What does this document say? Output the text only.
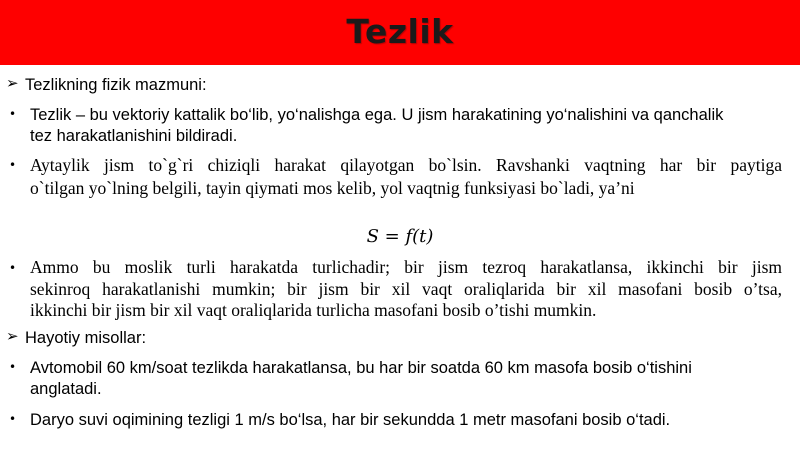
Tezlik
➢ Tezlikning fizik mazmuni:
• Tezlik – bu vektoriy kattalik bo‘lib, yo‘nalishga ega. U jism harakatining yo‘nalishini va qanchalik
tez harakatlanishini bildiradi.
• Aytaylik jism to`g`ri chiziqli harakat qilayotgan bo`lsin. Ravshanki vaqtning har bir paytiga
o`tilgan yo`lning belgili, tayin qiymati mos kelib, yol vaqtnig funksiyasi bo`ladi, ya’ni
S = f(t)
• Ammo bu moslik turli harakatda turlichadir; bir jism tezroq harakatlansa, ikkinchi bir jism
sekinroq harakatlanishi mumkin; bir jism bir xil vaqt oraliqlarida bir xil masofani bosib o’tsa,
ikkinchi bir jism bir xil vaqt oraliqlarida turlicha masofani bosib o’tishi mumkin.
➢ Hayotiy misollar:
• Avtomobil 60 km/soat tezlikda harakatlansa, bu har bir soatda 60 km masofa bosib o‘tishini
anglatadi.
• Daryo suvi oqimining tezligi 1 m/s bo‘lsa, har bir sekundda 1 metr masofani bosib o‘tadi.
